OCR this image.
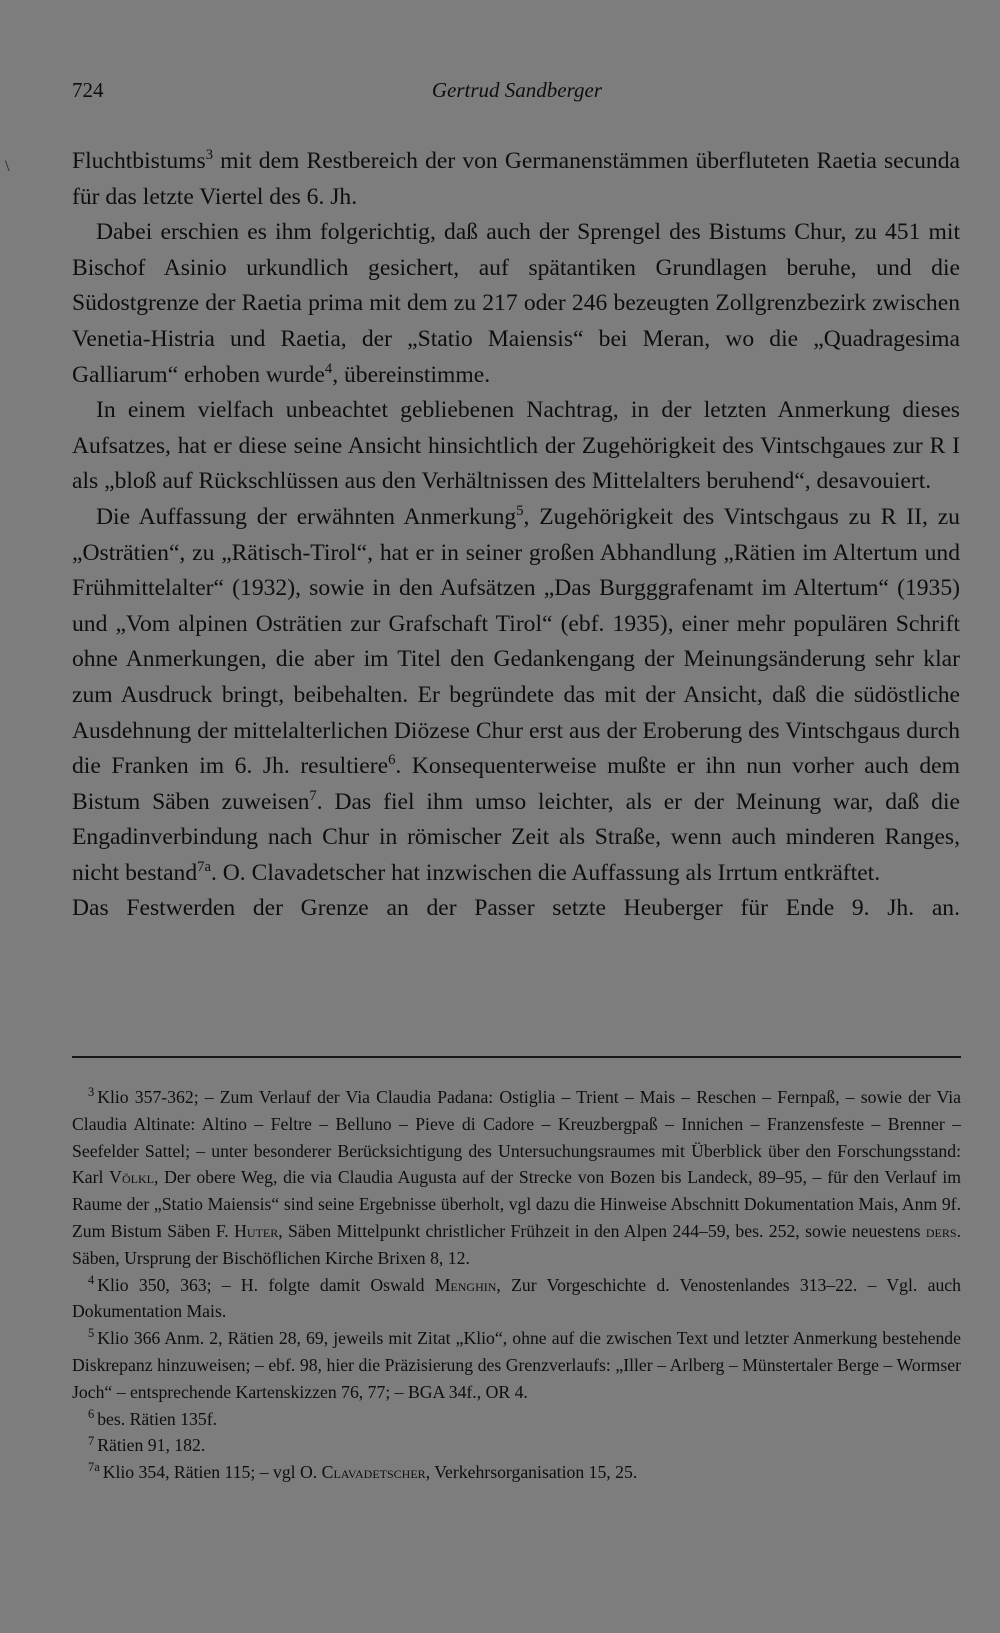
\
724	Gertrud Sandberger

Fluchtbistums$^3$ mit dem Restbereich der von Germanenstämmen überfluteten Raetia secunda für das letzte Viertel des 6. Jh.

Dabei erschien es ihm folgerichtig, daß auch der Sprengel des Bistums Chur, zu 451 mit Bischof Asinio urkundlich gesichert, auf spätantiken Grundlagen beruhe, und die Südostgrenze der Raetia prima mit dem zu 217 oder 246 bezeugten Zollgrenzbezirk zwischen Venetia-Histria und Raetia, der „Statio Maiensis“ bei Meran, wo die „Quadragesima Galliarum“ erhoben wurde$^4$, übereinstimme.

In einem vielfach unbeachtet gebliebenen Nachtrag, in der letzten Anmerkung dieses Aufsatzes, hat er diese seine Ansicht hinsichtlich der Zugehörigkeit des Vintschgaues zur R I als „bloß auf Rückschlüssen aus den Verhältnissen des Mittelalters beruhend“, desavouiert.

Die Auffassung der erwähnten Anmerkung$^5$, Zugehörigkeit des Vintschgaus zu R II, zu „Osträtien“, zu „Rätisch-Tirol“, hat er in seiner großen Abhandlung „Rätien im Altertum und Frühmittelalter“ (1932), sowie in den Aufsätzen „Das Burgggrafenamt im Altertum“ (1935) und „Vom alpinen Osträtien zur Grafschaft Tirol“ (ebf. 1935), einer mehr populären Schrift ohne Anmerkungen, die aber im Titel den Gedankengang der Meinungsänderung sehr klar zum Ausdruck bringt, beibehalten. Er begründete das mit der Ansicht, daß die südöstliche Ausdehnung der mittelalterlichen Diözese Chur erst aus der Eroberung des Vintschgaus durch die Franken im 6. Jh. resultiere$^6$. Konsequenterweise mußte er ihn nun vorher auch dem Bistum Säben zuweisen$^7$. Das fiel ihm umso leichter, als er der Meinung war, daß die Engadinverbindung nach Chur in römischer Zeit als Straße, wenn auch minderen Ranges, nicht bestand$^{7a}$. O. Clavadetscher hat inzwischen die Auffassung als Irrtum entkräftet.

Das Festwerden der Grenze an der Passer setzte Heuberger für Ende 9. Jh. an.

$^3$ Klio 357-362; – Zum Verlauf der Via Claudia Padana: Ostiglia – Trient – Mais – Reschen – Fernpaß, – sowie der Via Claudia Altinate: Altino – Feltre – Belluno – Pieve di Cadore – Kreuzbergpaß – Innichen – Franzensfeste – Brenner – Seefelder Sattel; – unter besonderer Berücksichtigung des Untersuchungsraumes mit Überblick über den Forschungsstand: Karl Völkl, Der obere Weg, die via Claudia Augusta auf der Strecke von Bozen bis Landeck, 89–95, – für den Verlauf im Raume der „Statio Maiensis“ sind seine Ergebnisse überholt, vgl dazu die Hinweise Abschnitt Dokumentation Mais, Anm 9f. Zum Bistum Säben F. Huter, Säben Mittelpunkt christlicher Frühzeit in den Alpen 244–59, bes. 252, sowie neuestens ders. Säben, Ursprung der Bischöflichen Kirche Brixen 8, 12.

$^4$ Klio 350, 363; – H. folgte damit Oswald Menghin, Zur Vorgeschichte d. Venostenlandes 313–22. – Vgl. auch Dokumentation Mais.

$^5$ Klio 366 Anm. 2, Rätien 28, 69, jeweils mit Zitat „Klio“, ohne auf die zwischen Text und letzter Anmerkung bestehende Diskrepanz hinzuweisen; – ebf. 98, hier die Präzisierung des Grenzverlaufs: „Iller – Arlberg – Münstertaler Berge – Wormser Joch“ – entsprechende Kartenskizzen 76, 77; – BGA 34f., OR 4.

$^6$ bes. Rätien 135f.

$^7$ Rätien 91, 182.

$^{7a}$ Klio 354, Rätien 115; – vgl O. Clavadetscher, Verkehrsorganisation 15, 25.
